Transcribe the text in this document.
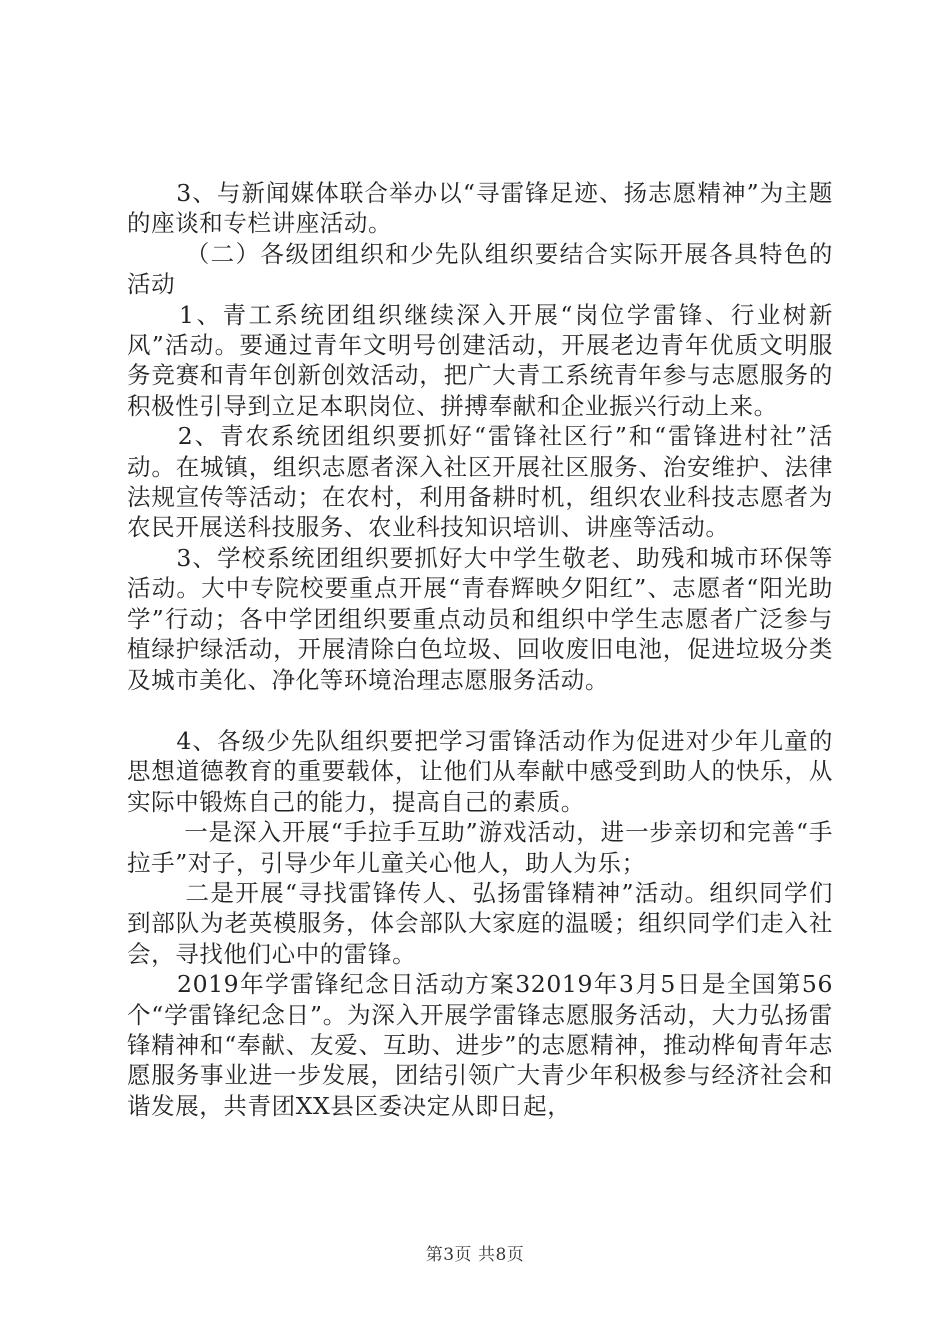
　　3、与新闻媒体联合举办以“寻雷锋足迹、扬志愿精神”为主题的座谈和专栏讲座活动。

　　 （二）各级团组织和少先队组织要结合实际开展各具特色的活动

　　1、青工系统团组织继续深入开展“岗位学雷锋、行业树新风”活动。要通过青年文明号创建活动，开展老边青年优质文明服务竞赛和青年创新创效活动，把广大青工系统青年参与志愿服务的积极性引导到立足本职岗位、拼搏奉献和企业振兴行动上来。

　　2、青农系统团组织要抓好“雷锋社区行”和“雷锋进村社”活动。在城镇，组织志愿者深入社区开展社区服务、治安维护、法律法规宣传等活动；在农村，利用备耕时机，组织农业科技志愿者为农民开展送科技服务、农业科技知识培训、讲座等活动。

　　3、学校系统团组织要抓好大中学生敬老、助残和城市环保等活动。大中专院校要重点开展“青春辉映夕阳红”、志愿者“阳光助学”行动；各中学团组织要重点动员和组织中学生志愿者广泛参与植绿护绿活动，开展清除白色垃圾、回收废旧电池，促进垃圾分类及城市美化、净化等环境治理志愿服务活动。

　　4、各级少先队组织要把学习雷锋活动作为促进对少年儿童的思想道德教育的重要载体，让他们从奉献中感受到助人的快乐，从实际中锻炼自己的能力，提高自己的素质。

　　 一是深入开展“手拉手互助”游戏活动，进一步亲切和完善“手拉手”对子，引导少年儿童关心他人，助人为乐；

　　 二是开展“寻找雷锋传人、弘扬雷锋精神”活动。组织同学们到部队为老英模服务，体会部队大家庭的温暖；组织同学们走入社会，寻找他们心中的雷锋。

　　2019年学雷锋纪念日活动方案32019年3月5日是全国第56个“学雷锋纪念日”。为深入开展学雷锋志愿服务活动，大力弘扬雷锋精神和“奉献、友爱、互助、进步”的志愿精神，推动桦甸青年志愿服务事业进一步发展，团结引领广大青少年积极参与经济社会和谐发展，共青团XX县区委决定从即日起，

第3页 共8页
